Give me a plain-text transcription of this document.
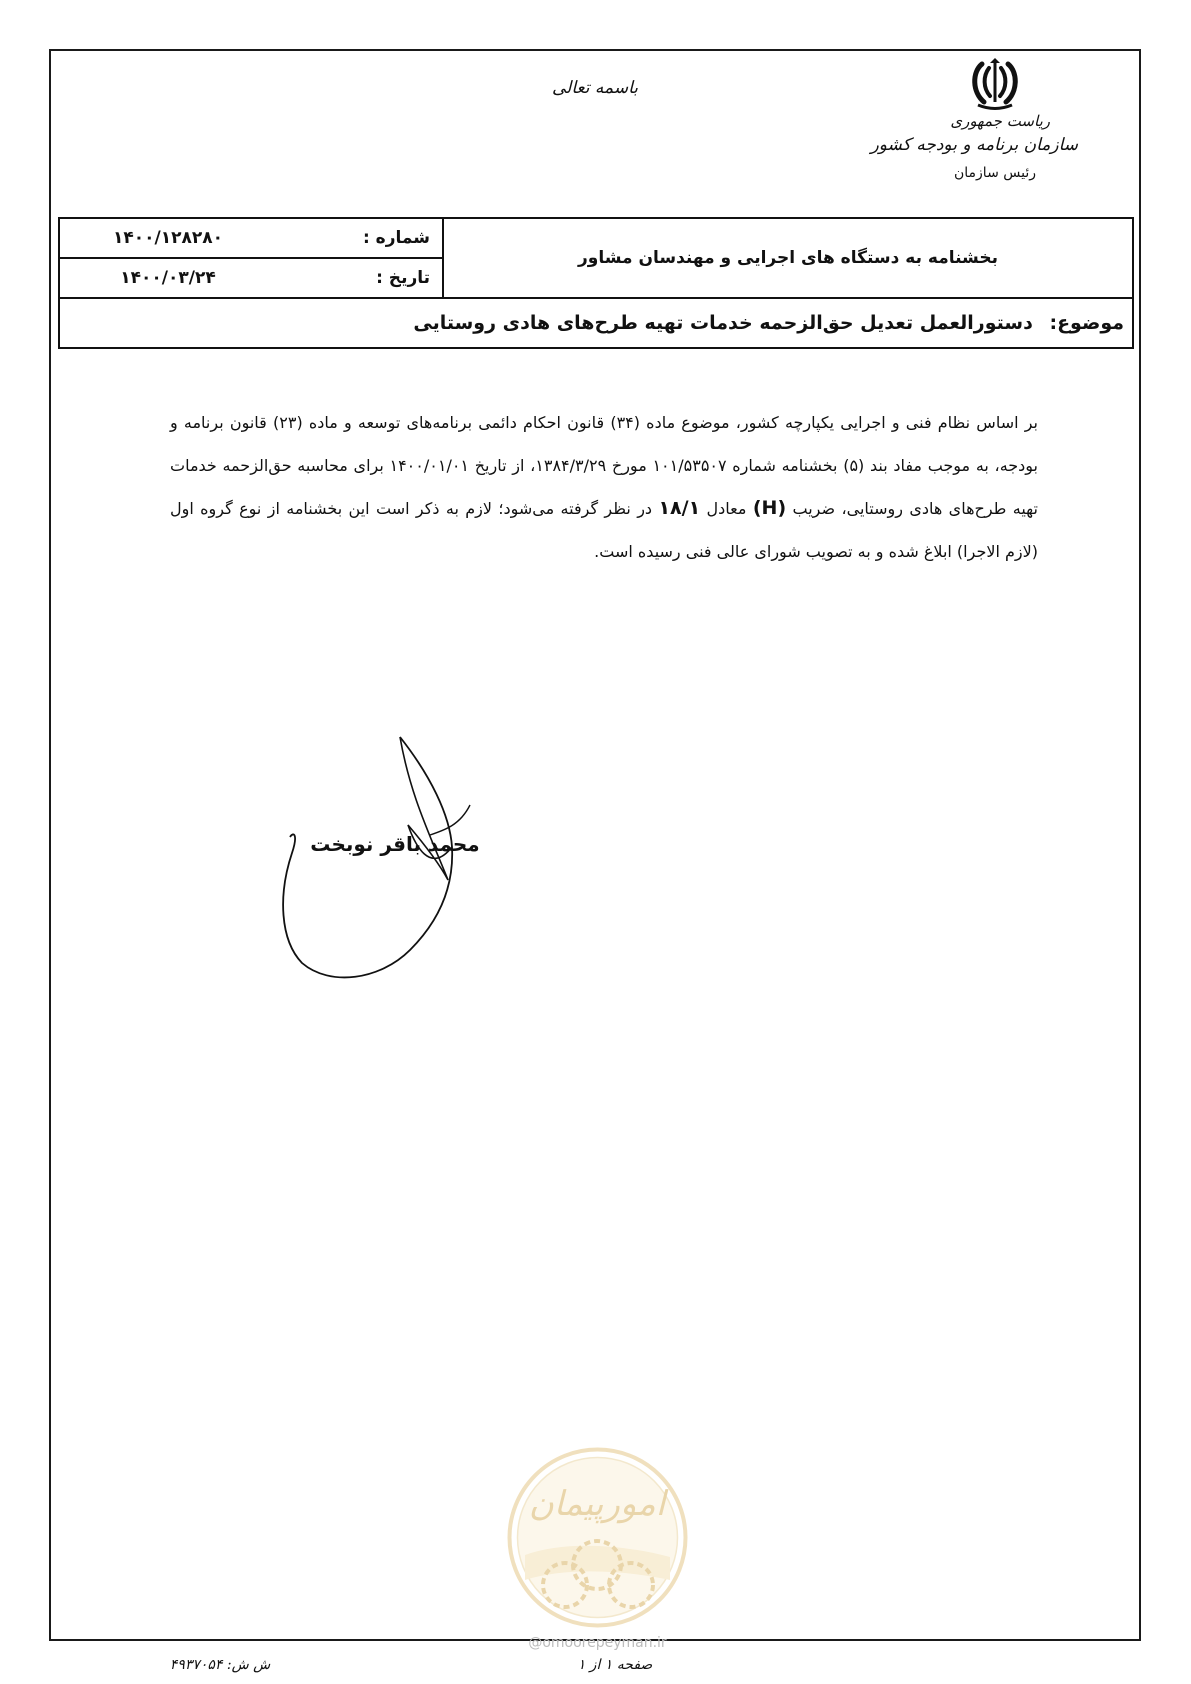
باسمه تعالی
ریاست جمهوری
سازمان برنامه و بودجه کشور
رئیس سازمان
۱۴۰۰/۱۲۸۲۸۰	شماره :
	بخشنامه به دستگاه های اجرایی و مهندسان مشاور
۱۴۰۰/۰۳/۲۴	تاریخ :

موضوع: دستورالعمل تعدیل حق‌الزحمه خدمات تهیه طرح‌های هادی روستایی
بر اساس نظام فنی و اجرایی یکپارچه کشور، موضوع ماده (۳۴) قانون احکام دائمی برنامه‌های توسعه و ماده (۲۳) قانون برنامه و بودجه، به موجب مفاد بند (۵) بخشنامه شماره ۱۰۱/۵۳۵۰۷ مورخ ۱۳۸۴/۳/۲۹، از تاریخ ۱۴۰۰/۰۱/۰۱ برای محاسبه حق‌الزحمه خدمات تهیه طرح‌های هادی روستایی، ضریب (H) معادل ۱۸/۱ در نظر گرفته می‌شود؛ لازم به ذکر است این بخشنامه از نوع گروه اول (لازم الاجرا) ابلاغ شده و به تصویب شورای عالی فنی رسیده است.
محمد باقر نوبخت
امورپیمان
@omoorepeyman.ir
ش ش: ۴۹۳۷۰۵۴	صفحه ۱ از ۱
